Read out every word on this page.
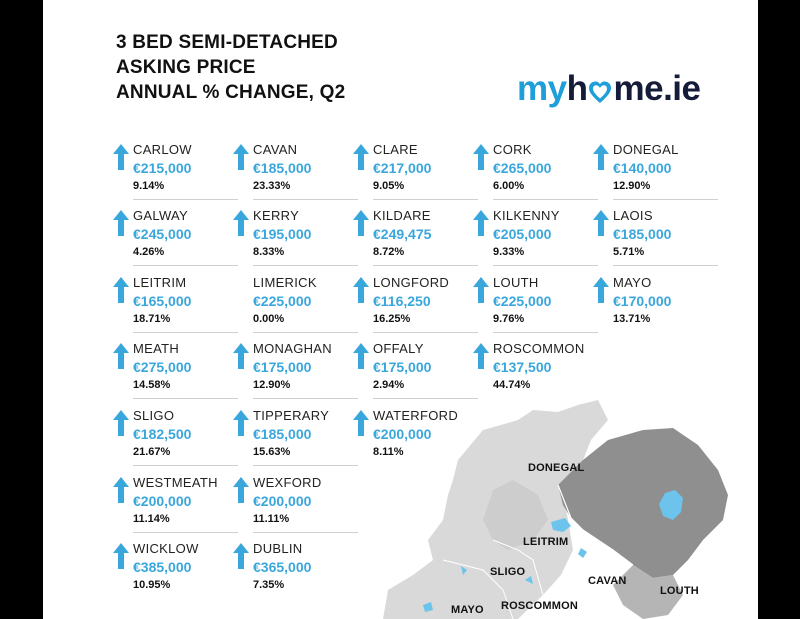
3 BED SEMI-DETACHED
ASKING PRICE
ANNUAL % CHANGE, Q2	my h me.ie
DONEGAL
LEITRIM
SLIGO
CAVAN
LOUTH
MAYO ROSCOMMON
CARLOW
€215,000
9.14%
GALWAY
€245,000
4.26%
LEITRIM
€165,000
18.71%
MEATH
€275,000
14.58%
SLIGO
€182,500
21.67%
WESTMEATH
€200,000
11.14%
WICKLOW
€385,000
10.95%
CAVAN
€185,000
23.33%
KERRY
€195,000
8.33%
LIMERICK
€225,000
0.00%
MONAGHAN
€175,000
12.90%
TIPPERARY
€185,000
15.63%
WEXFORD
€200,000
11.11%
DUBLIN
€365,000
7.35%
CLARE
€217,000
9.05%
KILDARE
€249,475
8.72%
LONGFORD
€116,250
16.25%
OFFALY
€175,000
2.94%
WATERFORD
€200,000
8.11%
CORK
€265,000
6.00%
KILKENNY
€205,000
9.33%
LOUTH
€225,000
9.76%
ROSCOMMON
€137,500
44.74%
DONEGAL
€140,000
12.90%
LAOIS
€185,000
5.71%
MAYO
€170,000
13.71%
